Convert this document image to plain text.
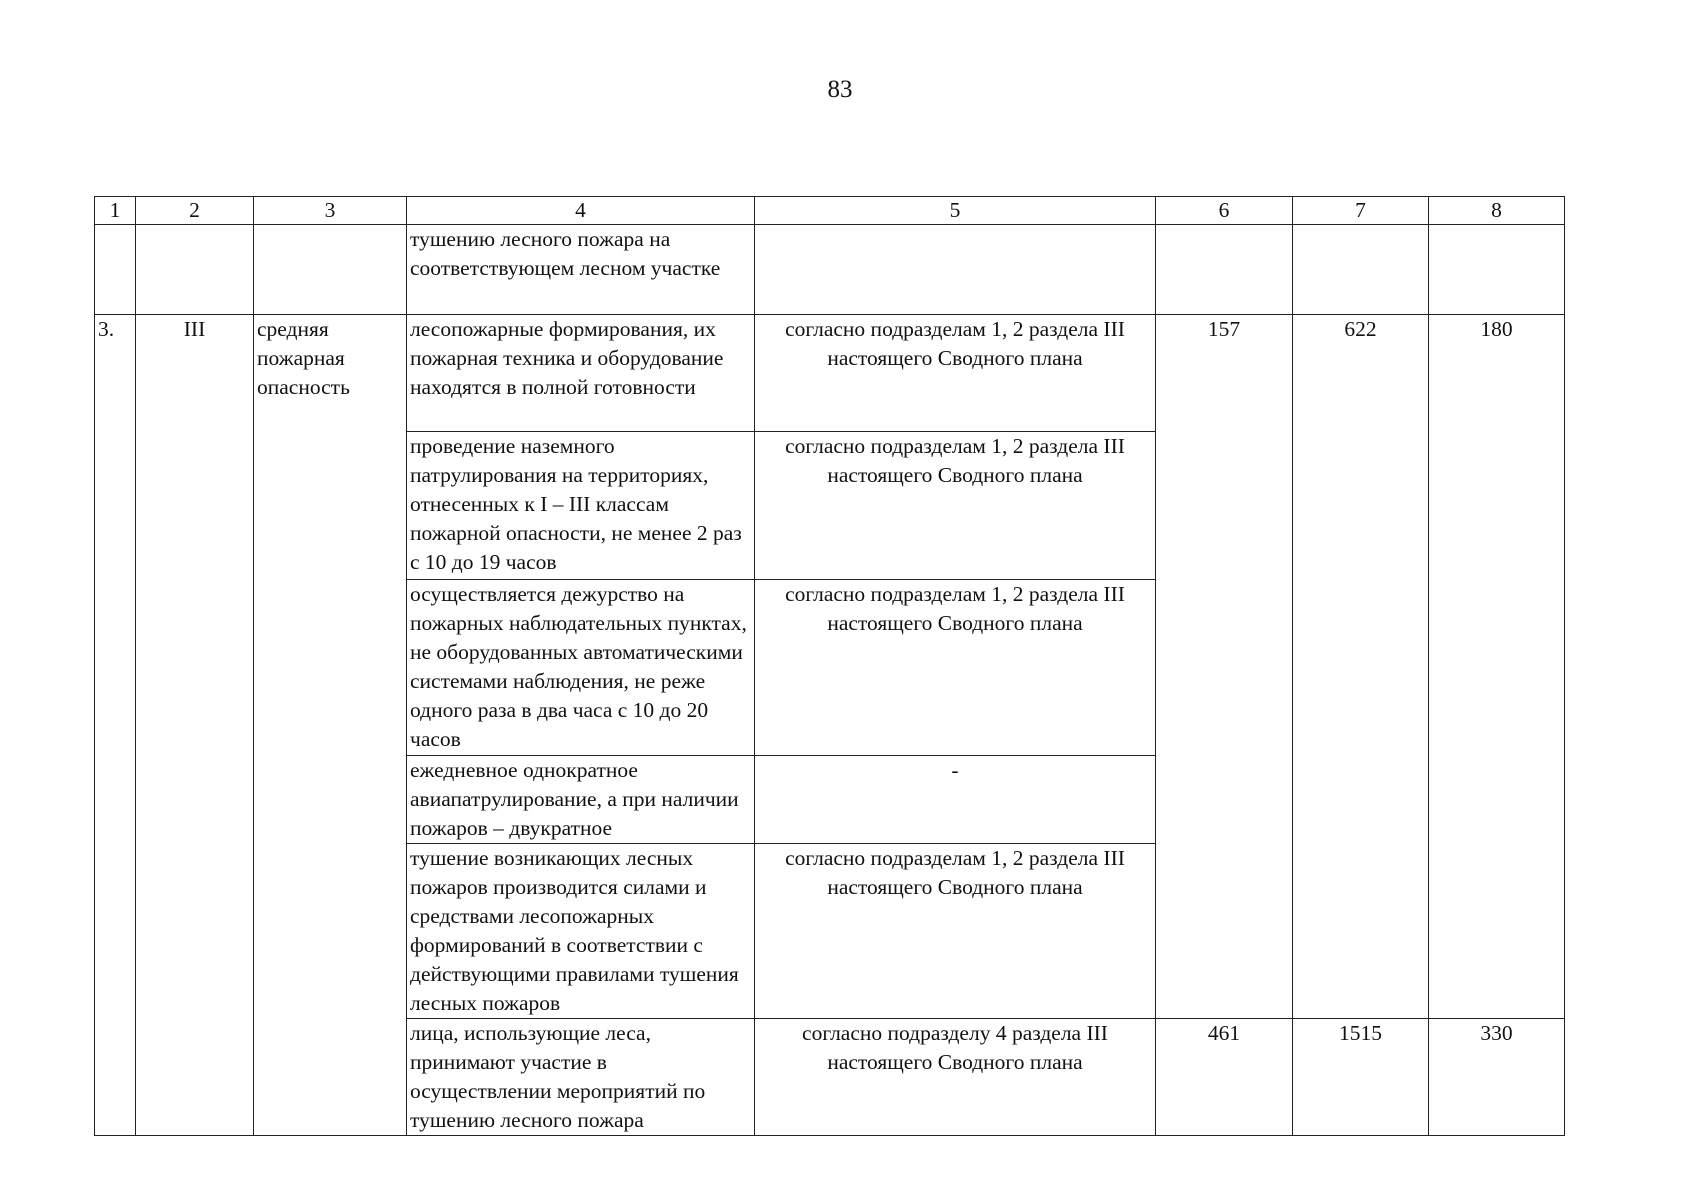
83
1	2	3	4	5	6	7	8
			тушению лесного пожара на соответствующем лесном участке				
3.	III	средняя пожарная опасность	лесопожарные формирования, их пожарная техника и оборудование находятся в полной готовности	согласно подразделам 1, 2 раздела III настоящего Сводного плана	157	622	180
			проведение наземного патрулирования на территориях, отнесенных к I – III классам пожарной опасности, не менее 2 раз с 10 до 19 часов	согласно подразделам 1, 2 раздела III настоящего Сводного плана			
			осуществляется дежурство на пожарных наблюдательных пунктах, не оборудованных автоматическими системами наблюдения, не реже одного раза в два часа с 10 до 20 часов	согласно подразделам 1, 2 раздела III настоящего Сводного плана			
			ежедневное однократное авиапатрулирование, а при наличии пожаров – двукратное	-			
			тушение возникающих лесных пожаров производится силами и средствами лесопожарных формирований в соответствии с действующими правилами тушения лесных пожаров	согласно подразделам 1, 2 раздела III настоящего Сводного плана			
			лица, использующие леса, принимают участие в осуществлении мероприятий по тушению лесного пожара	согласно подразделу 4 раздела III настоящего Сводного плана	461	1515	330
